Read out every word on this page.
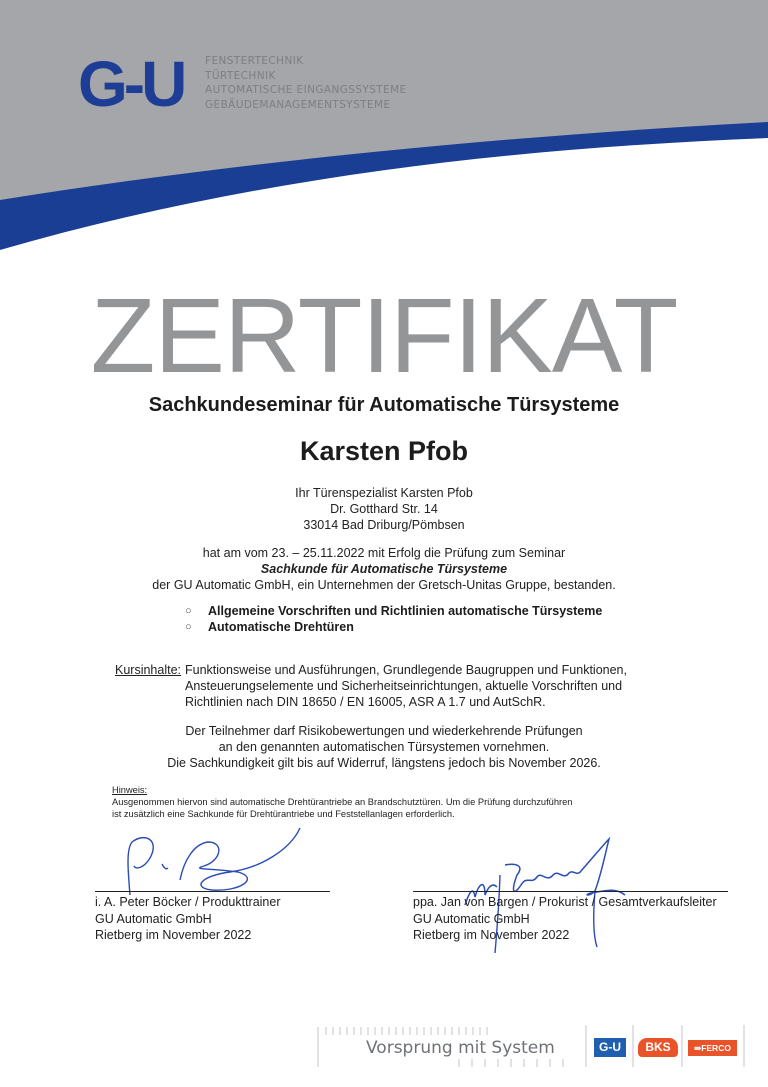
G-U FENSTERTECHNIK
TÜRTECHNIK
AUTOMATISCHE EINGANGSSYSTEME
GEBÄUDEMANAGEMENTSYSTEME
ZERTIFIKAT
Sachkundeseminar für Automatische Türsysteme
Karsten Pfob
Ihr Türenspezialist Karsten Pfob
Dr. Gotthard Str. 14
33014 Bad Driburg/Pömbsen
hat am vom 23. – 25.11.2022 mit Erfolg die Prüfung zum Seminar
Sachkunde für Automatische Türsysteme
der GU Automatic GmbH, ein Unternehmen der Gretsch-Unitas Gruppe, bestanden.
○	Allgemeine Vorschriften und Richtlinien automatische Türsysteme
○	Automatische Drehtüren
Kursinhalte: Funktionsweise und Ausführungen, Grundlegende Baugruppen und Funktionen,
Ansteuerungselemente und Sicherheitseinrichtungen, aktuelle Vorschriften und
Richtlinien nach DIN 18650 / EN 16005, ASR A 1.7 und AutSchR.
Der Teilnehmer darf Risikobewertungen und wiederkehrende Prüfungen
an den genannten automatischen Türsystemen vornehmen.
Die Sachkundigkeit gilt bis auf Widerruf, längstens jedoch bis November 2026.
Hinweis:
Ausgenommen hiervon sind automatische Drehtürantriebe an Brandschutztüren. Um die Prüfung durchzuführen
ist zusätzlich eine Sachkunde für Drehtürantriebe und Feststellanlagen erforderlich.
i. A. Peter Böcker / Produkttrainer
GU Automatic GmbH
Rietberg im November 2022
ppa. Jan von Bargen / Prokurist / Gesamtverkaufsleiter
GU Automatic GmbH
Rietberg im November 2022
Vorsprung mit System	G-U	BKS	⇛FERCO
